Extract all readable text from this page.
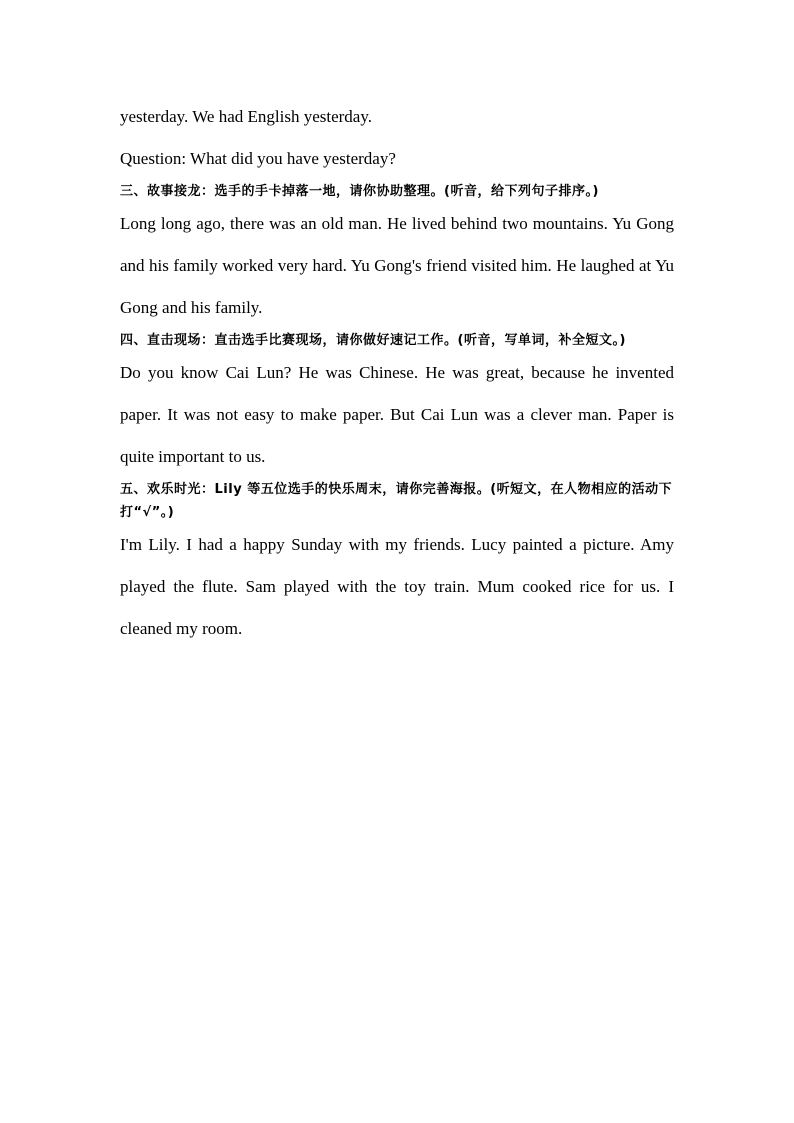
yesterday. We had English yesterday.

Question: What did you have yesterday?

三、故事接龙：选手的手卡掉落一地，请你协助整理。(听音，给下列句子排序。)

Long long ago, there was an old man. He lived behind two mountains. Yu Gong and his family worked very hard. Yu Gong's friend visited him. He laughed at Yu Gong and his family.

四、直击现场：直击选手比赛现场，请你做好速记工作。(听音，写单词，补全短文。)

Do you know Cai Lun? He was Chinese. He was great, because he invented paper. It was not easy to make paper. But Cai Lun was a clever man. Paper is quite important to us.

五、欢乐时光：Lily 等五位选手的快乐周末，请你完善海报。(听短文，在人物相应的活动下打“√”。)

I'm Lily. I had a happy Sunday with my friends. Lucy painted a picture. Amy played the flute. Sam played with the toy train. Mum cooked rice for us. I cleaned my room.
